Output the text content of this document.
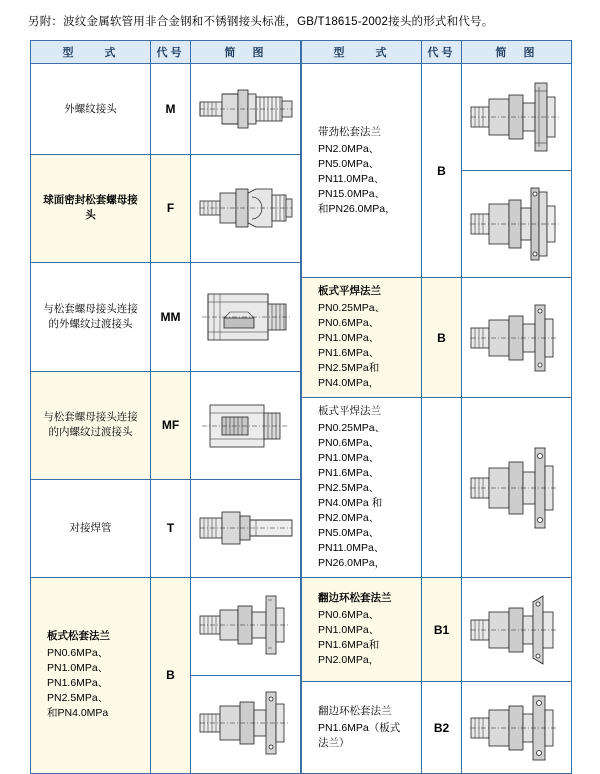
另附：波纹金属软管用非合金钢和不锈钢接头标准，GB/T18615-2002接头的形式和代号。
型　　式	代号	简　图
外螺纹接头	M	

球面密封松套螺母接头	F	

与松套螺母接头连接的外螺纹过渡接头	MM	

与松套螺母接头连接的内螺纹过渡接头	MF	

对接焊管	T	

板式松套法兰
PN0.6MPa、PN1.0MPa、
PN1.6MPa、PN2.5MPa、
和PN4.0MPa	B	

型　　式	代号	简　图

带劲松套法兰
PN2.0MPa、PN5.0MPa、
PN11.0MPa、PN15.0MPa、
和PN26.0MPa，	B	

板式平焊法兰
PN0.25MPa、PN0.6MPa、
PN1.0MPa、PN1.6MPa、
PN2.5MPa和PN4.0MPa，	B	

板式平焊法兰
PN0.25MPa、PN0.6MPa、
PN1.0MPa、PN1.6MPa、
PN2.5MPa、PN4.0MPa 和
PN2.0MPa、PN5.0MPa、
PN11.0MPa、PN26.0MPa，

翻边环松套法兰
PN0.6MPa、PN1.0MPa、
PN1.6MPa和PN2.0MPa，	B1	

翻边环松套法兰
PN1.6MPa（板式法兰）	B2	
